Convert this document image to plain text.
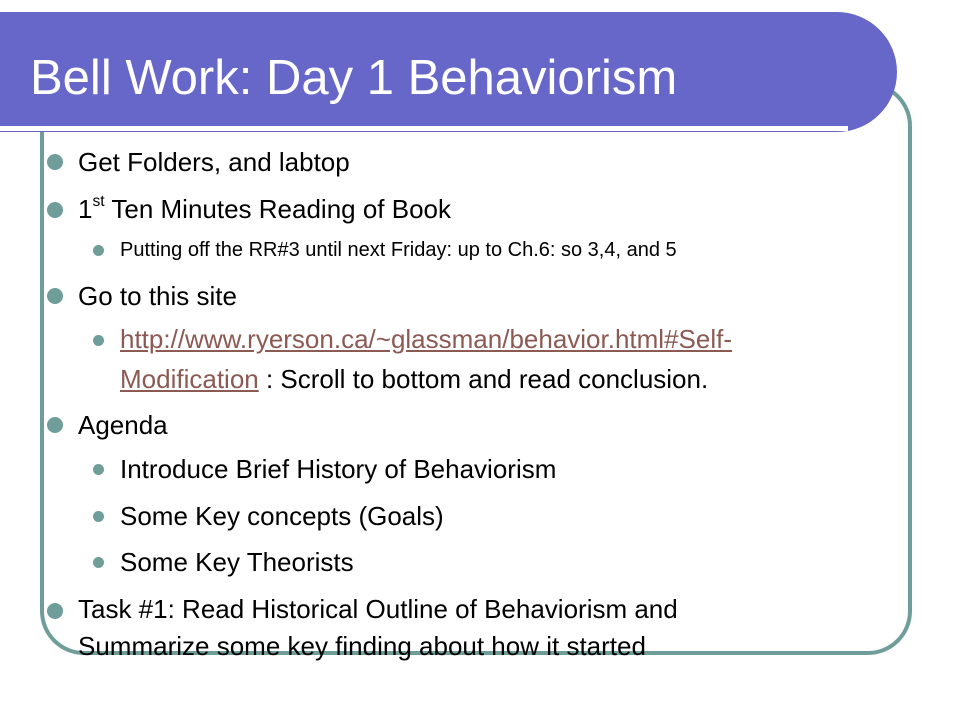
Bell Work: Day 1 Behaviorism
Get Folders, and labtop
1st Ten Minutes Reading of Book
Putting off the RR#3 until next Friday: up to Ch.6: so 3,4, and 5
Go to this site
http://www.ryerson.ca/~glassman/behavior.html#Self-
Modification : Scroll to bottom and read conclusion.
Agenda
Introduce Brief History of Behaviorism
Some Key concepts (Goals)
Some Key Theorists
Task #1: Read Historical Outline of Behaviorism and
Summarize some key finding about how it started
